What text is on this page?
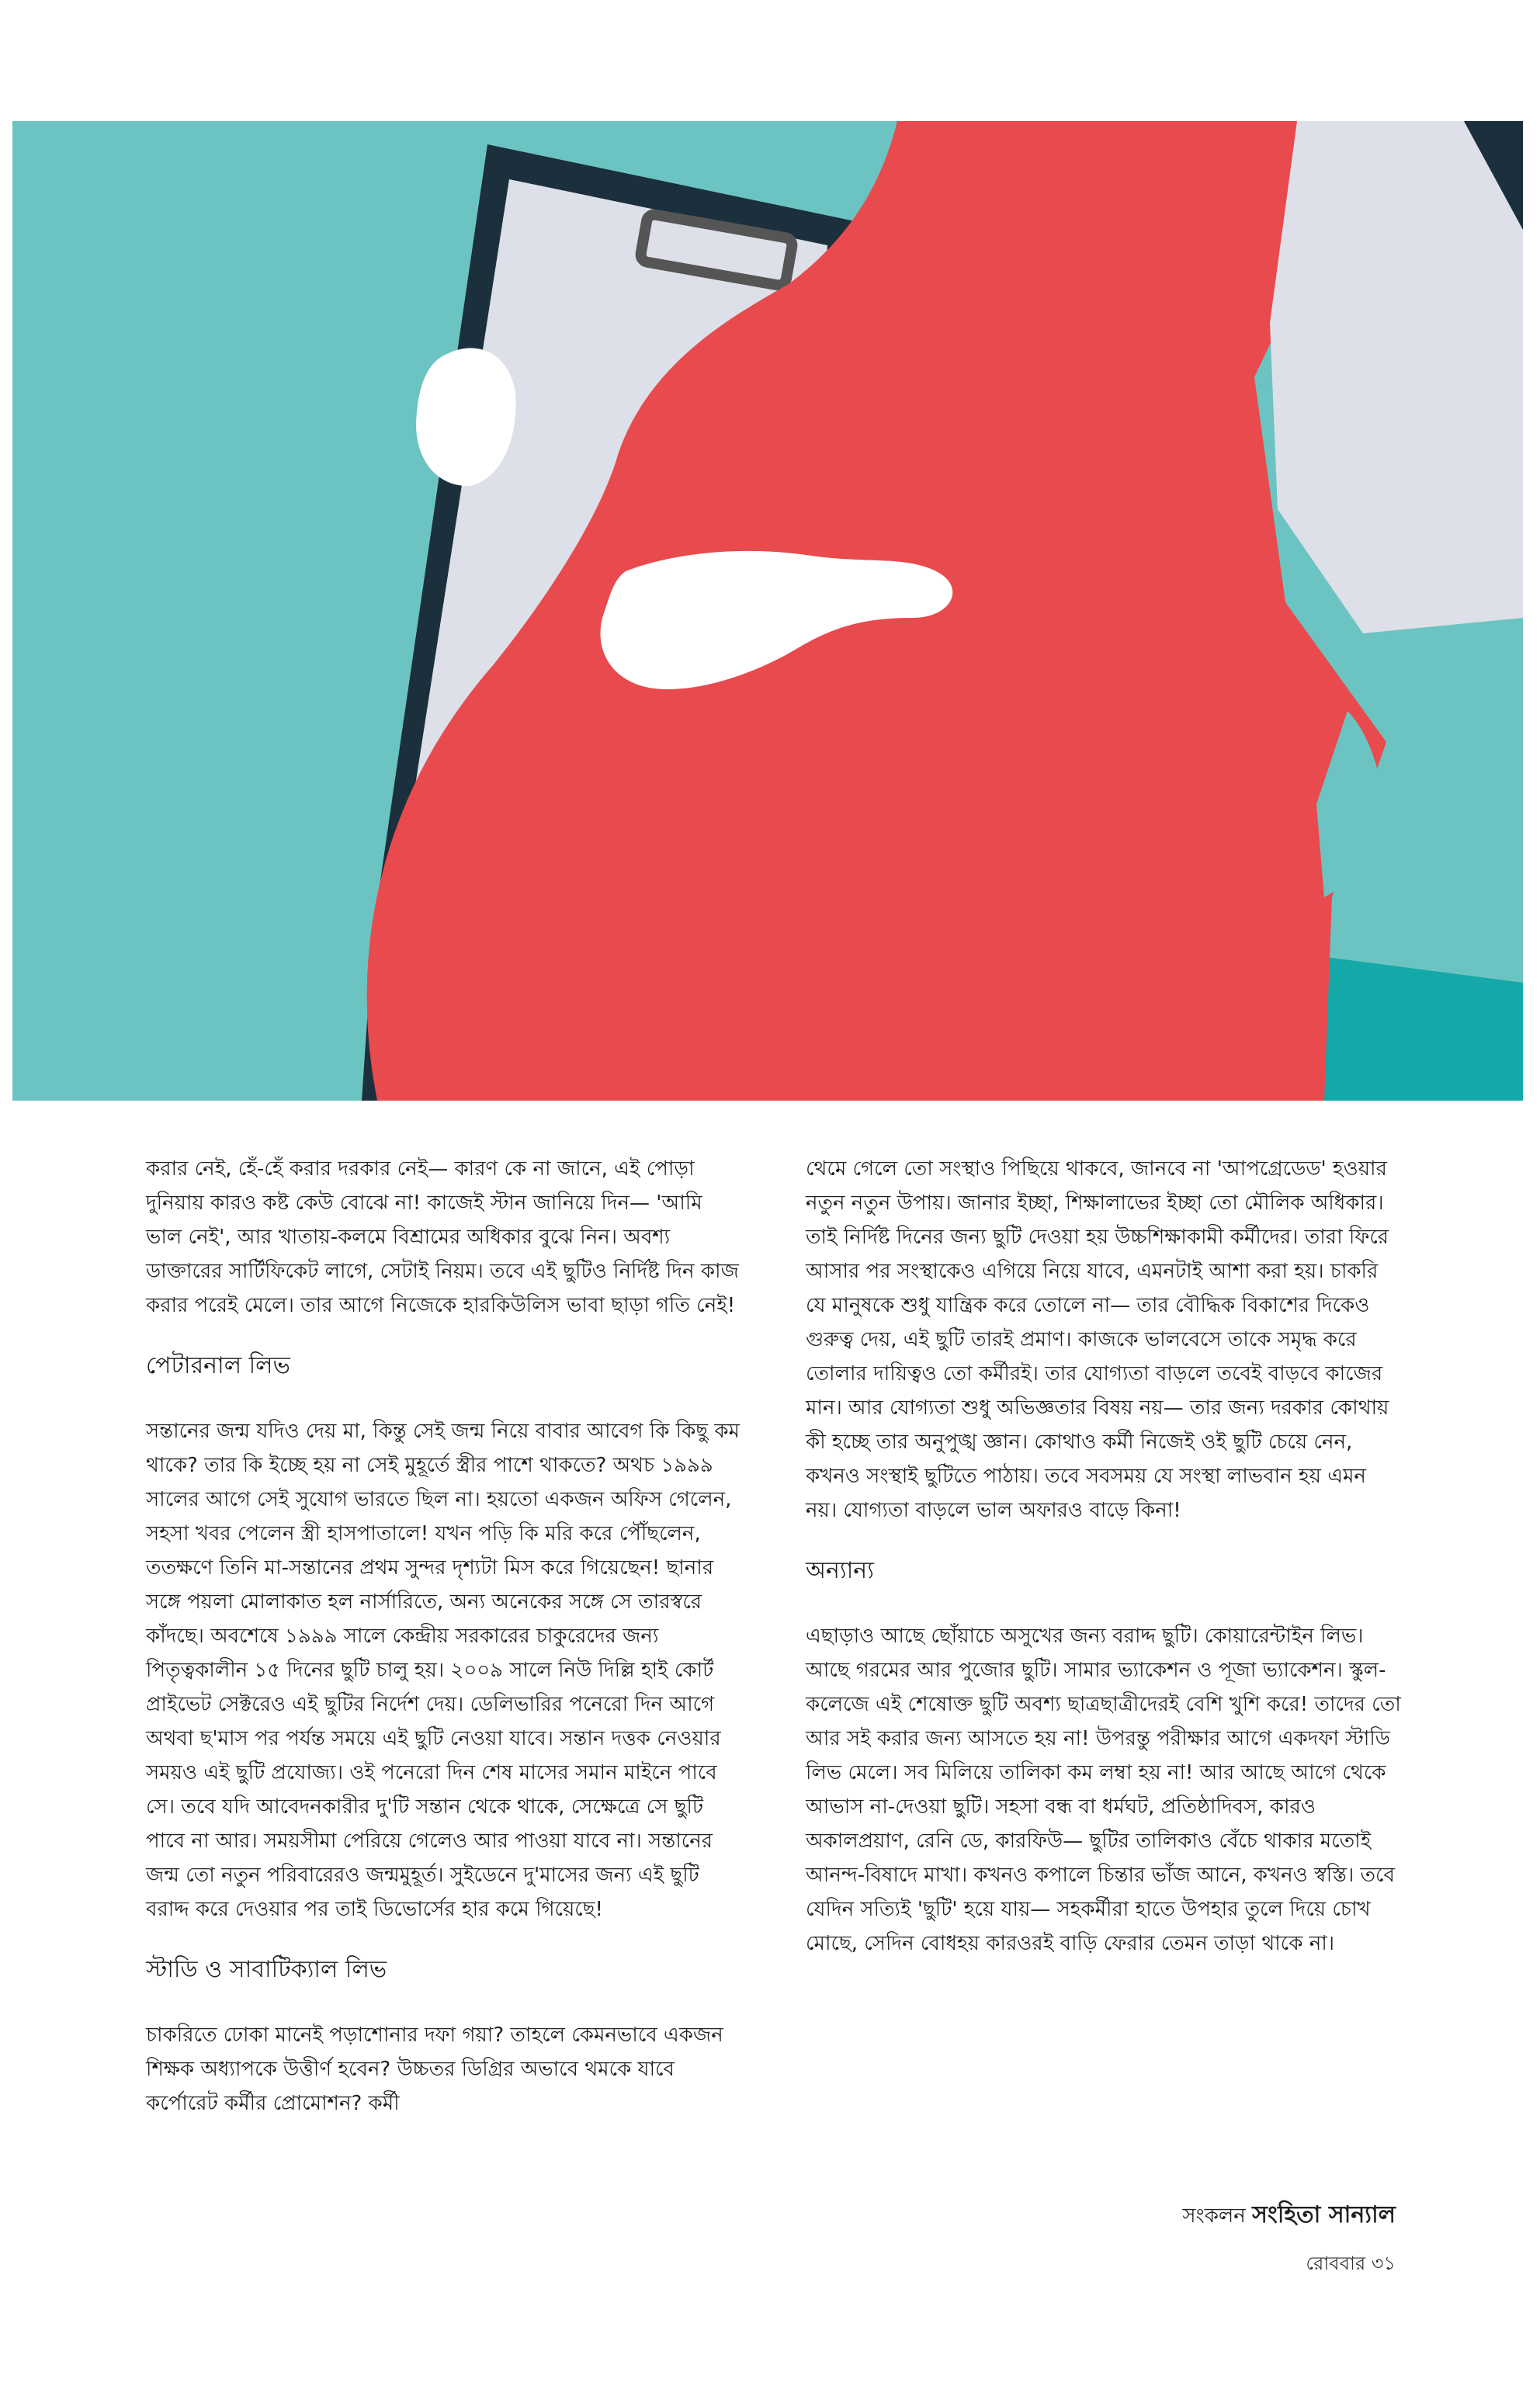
করার নেই, হেঁ-হেঁ করার দরকার নেই— কারণ কে না জানে, এই পোড়া দুনিয়ায় কারও কষ্ট কেউ বোঝে না! কাজেই স্টান জানিয়ে দিন— 'আমি ভাল নেই', আর খাতায়-কলমে বিশ্রামের অধিকার বুঝে নিন। অবশ্য ডাক্তারের সার্টিফিকেট লাগে, সেটাই নিয়ম। তবে এই ছুটিও নির্দিষ্ট দিন কাজ করার পরেই মেলে। তার আগে নিজেকে হারকিউলিস ভাবা ছাড়া গতি নেই!

পেটারনাল লিভ

সন্তানের জন্ম যদিও দেয় মা, কিন্তু সেই জন্ম নিয়ে বাবার আবেগ কি কিছু কম থাকে? তার কি ইচ্ছে হয় না সেই মুহূর্তে স্ত্রীর পাশে থাকতে? অথচ ১৯৯৯ সালের আগে সেই সুযোগ ভারতে ছিল না। হয়তো একজন অফিস গেলেন, সহসা খবর পেলেন স্ত্রী হাসপাতালে! যখন পড়ি কি মরি করে পৌঁছলেন, ততক্ষণে তিনি মা-সন্তানের প্রথম সুন্দর দৃশ্যটা মিস করে গিয়েছেন! ছানার সঙ্গে পয়লা মোলাকাত হল নার্সারিতে, অন্য অনেকের সঙ্গে সে তারস্বরে কাঁদছে। অবশেষে ১৯৯৯ সালে কেন্দ্রীয় সরকারের চাকুরেদের জন্য পিতৃত্বকালীন ১৫ দিনের ছুটি চালু হয়। ২০০৯ সালে নিউ দিল্লি হাই কোর্ট প্রাইভেট সেক্টরেও এই ছুটির নির্দেশ দেয়। ডেলিভারির পনেরো দিন আগে অথবা ছ'মাস পর পর্যন্ত সময়ে এই ছুটি নেওয়া যাবে। সন্তান দত্তক নেওয়ার সময়ও এই ছুটি প্রযোজ্য। ওই পনেরো দিন শেষ মাসের সমান মাইনে পাবে সে। তবে যদি আবেদনকারীর দু'টি সন্তান থেকে থাকে, সেক্ষেত্রে সে ছুটি পাবে না আর। সময়সীমা পেরিয়ে গেলেও আর পাওয়া যাবে না। সন্তানের জন্ম তো নতুন পরিবারেরও জন্মমুহূর্ত। সুইডেনে দু'মাসের জন্য এই ছুটি বরাদ্দ করে দেওয়ার পর তাই ডিভোর্সের হার কমে গিয়েছে!

স্টাডি ও সাবাটিক্যাল লিভ

চাকরিতে ঢোকা মানেই পড়াশোনার দফা গয়া? তাহলে কেমনভাবে একজন শিক্ষক অধ্যাপকে উত্তীর্ণ হবেন? উচ্চতর ডিগ্রির অভাবে থমকে যাবে কর্পোরেট কর্মীর প্রোমোশন? কর্মী

থেমে গেলে তো সংস্থাও পিছিয়ে থাকবে, জানবে না 'আপগ্রেডেড' হওয়ার নতুন নতুন উপায়। জানার ইচ্ছা, শিক্ষালাভের ইচ্ছা তো মৌলিক অধিকার। তাই নির্দিষ্ট দিনের জন্য ছুটি দেওয়া হয় উচ্চশিক্ষাকামী কর্মীদের। তারা ফিরে আসার পর সংস্থাকেও এগিয়ে নিয়ে যাবে, এমনটাই আশা করা হয়। চাকরি যে মানুষকে শুধু যান্ত্রিক করে তোলে না— তার বৌদ্ধিক বিকাশের দিকেও গুরুত্ব দেয়, এই ছুটি তারই প্রমাণ। কাজকে ভালবেসে তাকে সমৃদ্ধ করে তোলার দায়িত্বও তো কর্মীরই। তার যোগ্যতা বাড়লে তবেই বাড়বে কাজের মান। আর যোগ্যতা শুধু অভিজ্ঞতার বিষয় নয়— তার জন্য দরকার কোথায় কী হচ্ছে তার অনুপুঙ্খ জ্ঞান। কোথাও কর্মী নিজেই ওই ছুটি চেয়ে নেন, কখনও সংস্থাই ছুটিতে পাঠায়। তবে সবসময় যে সংস্থা লাভবান হয় এমন নয়। যোগ্যতা বাড়লে ভাল অফারও বাড়ে কিনা!

অন্যান্য

এছাড়াও আছে ছোঁয়াচে অসুখের জন্য বরাদ্দ ছুটি। কোয়ারেন্টাইন লিভ। আছে গরমের আর পুজোর ছুটি। সামার ভ্যাকেশন ও পূজা ভ্যাকেশন। স্কুল-কলেজে এই শেষোক্ত ছুটি অবশ্য ছাত্রছাত্রীদেরই বেশি খুশি করে! তাদের তো আর সই করার জন্য আসতে হয় না! উপরন্তু পরীক্ষার আগে একদফা স্টাডি লিভ মেলে। সব মিলিয়ে তালিকা কম লম্বা হয় না! আর আছে আগে থেকে আভাস না-দেওয়া ছুটি। সহসা বন্ধ বা ধর্মঘট, প্রতিষ্ঠাদিবস, কারও অকালপ্রয়াণ, রেনি ডে, কারফিউ— ছুটির তালিকাও বেঁচে থাকার মতোই আনন্দ-বিষাদে মাখা। কখনও কপালে চিন্তার ভাঁজ আনে, কখনও স্বস্তি। তবে যেদিন সত্যিই 'ছুটি' হয়ে যায়— সহকর্মীরা হাতে উপহার তুলে দিয়ে চোখ মোছে, সেদিন বোধহয় কারওরই বাড়ি ফেরার তেমন তাড়া থাকে না।

সংকলন সংহিতা সান্যাল
রোববার ৩১
